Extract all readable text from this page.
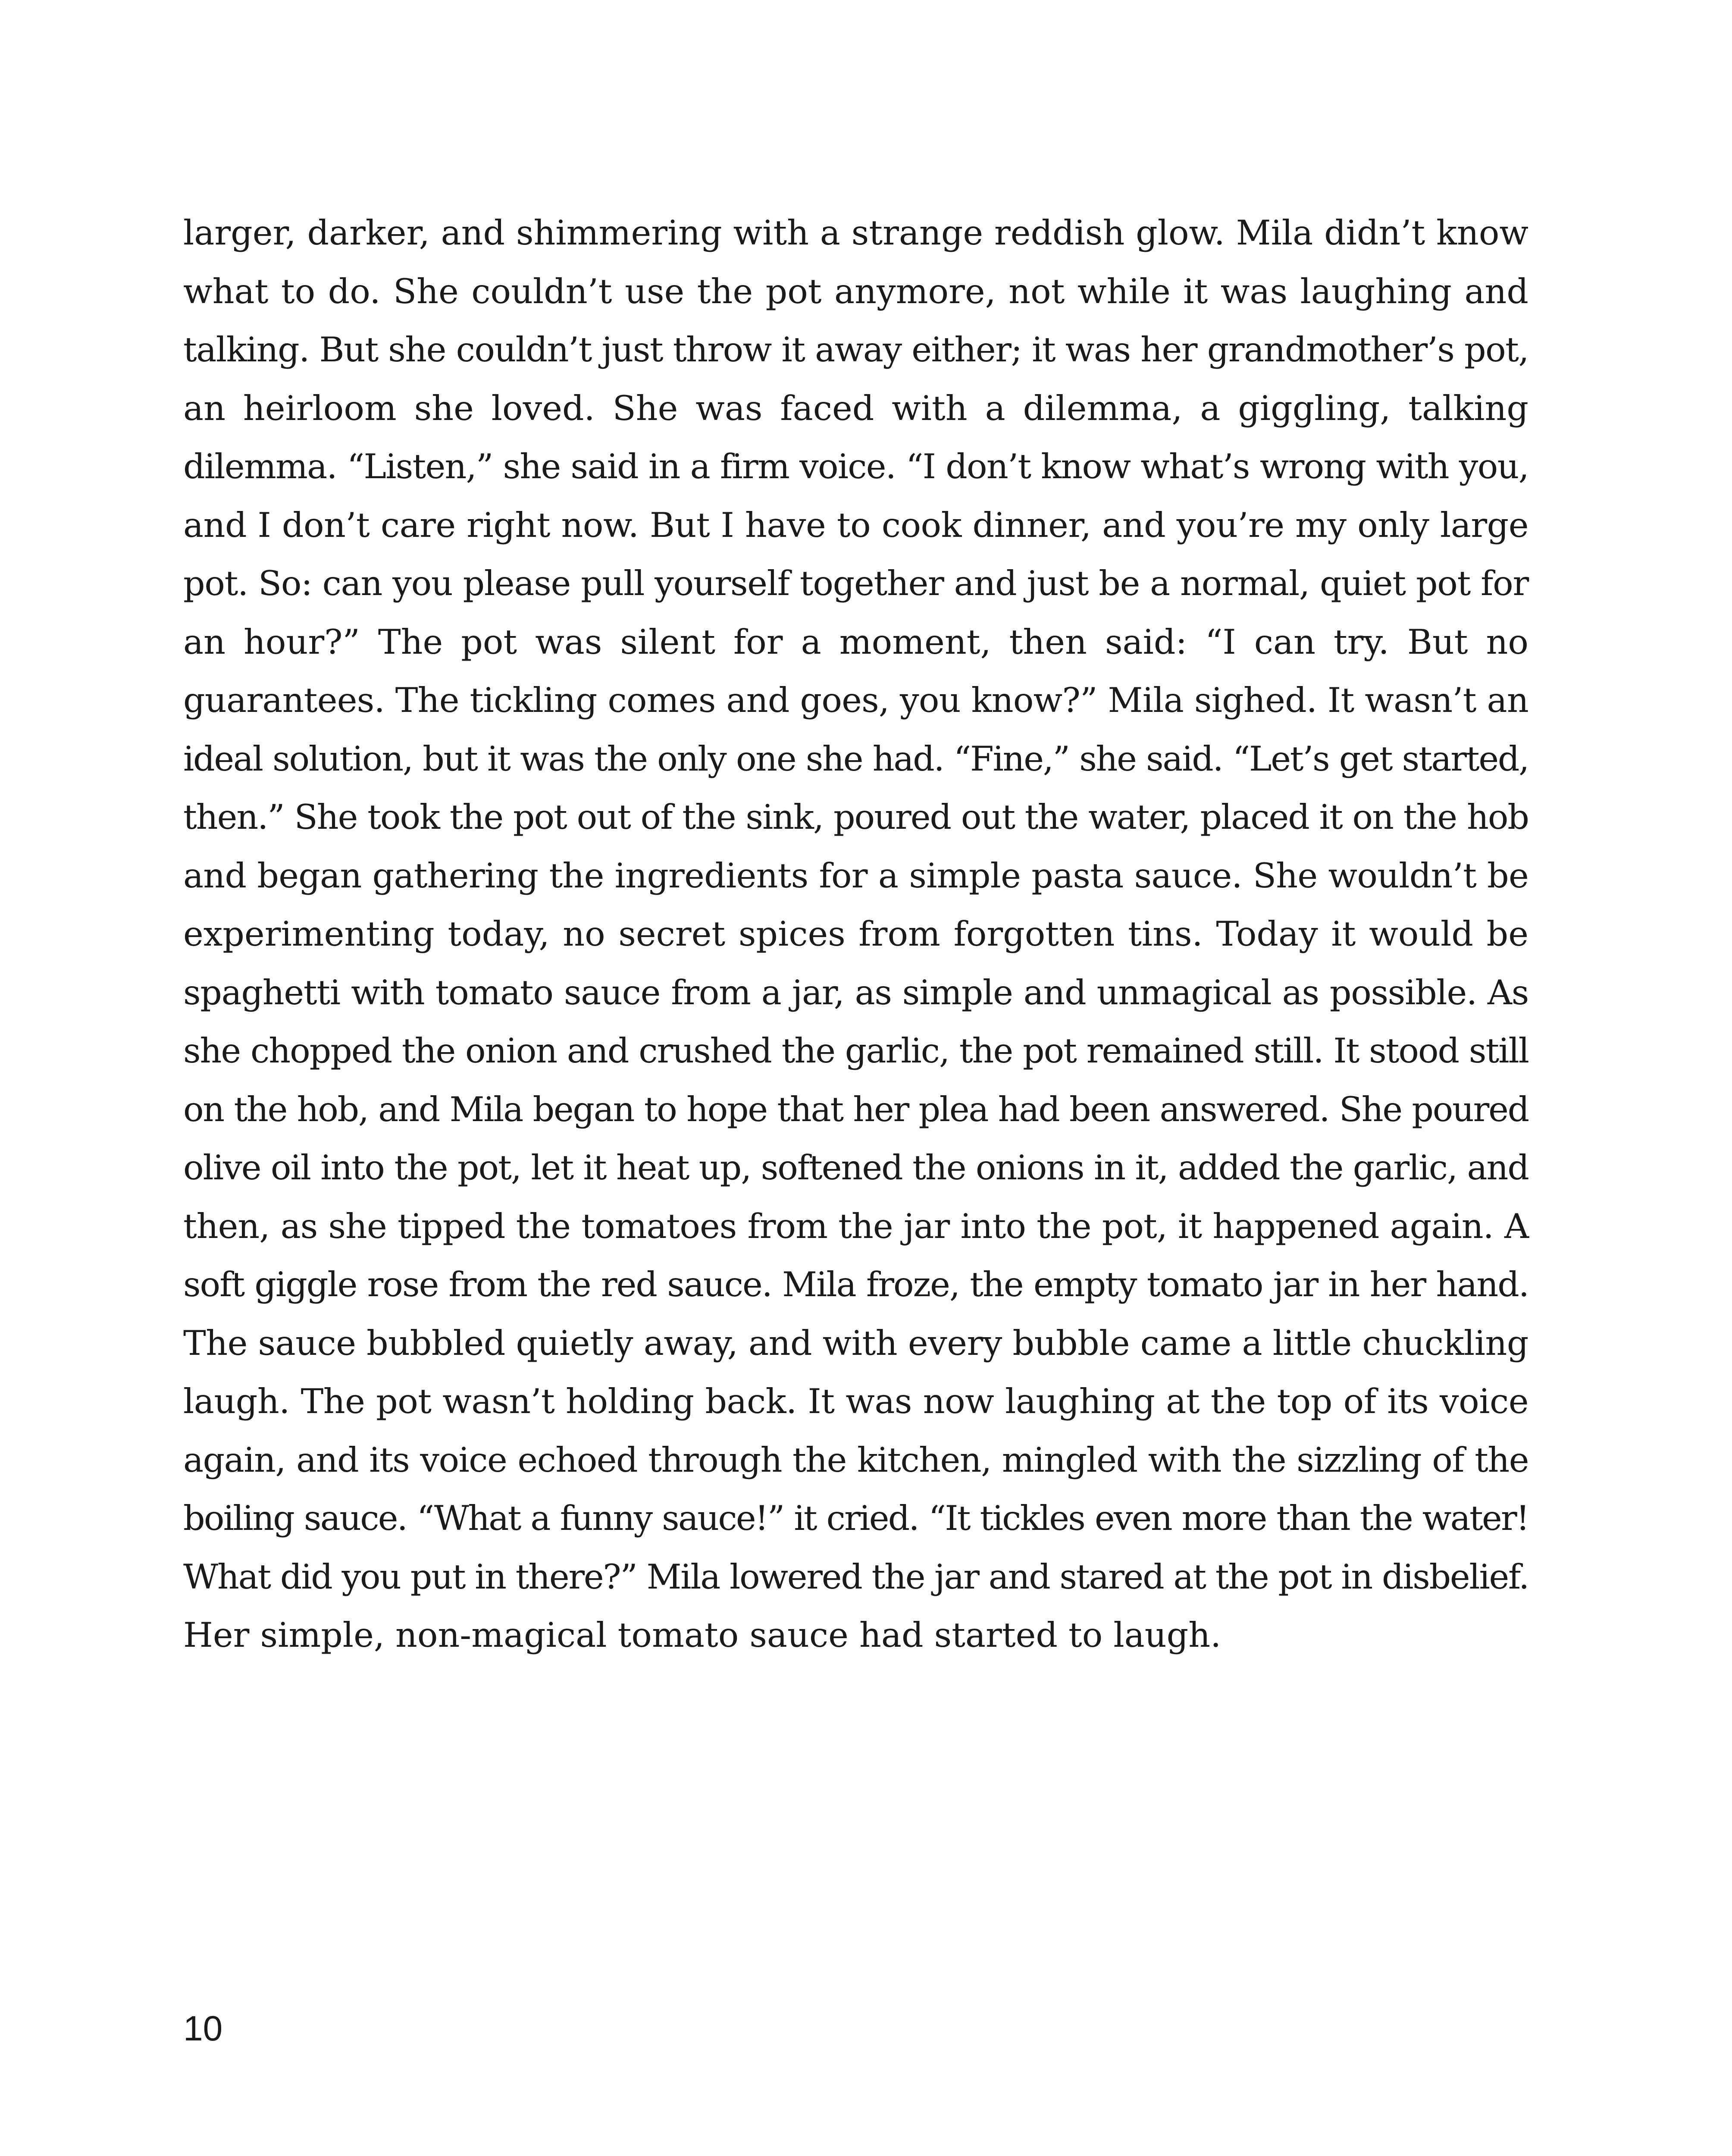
larger, darker, and shimmering with a strange reddish glow. Mila didn’t know
what to do. She couldn’t use the pot anymore, not while it was laughing and
talking. But she couldn’t just throw it away either; it was her grandmother’s pot,
an heirloom she loved. She was faced with a dilemma, a giggling, talking
dilemma. “Listen,” she said in a firm voice. “I don’t know what’s wrong with you,
and I don’t care right now. But I have to cook dinner, and you’re my only large
pot. So: can you please pull yourself together and just be a normal, quiet pot for
an hour?” The pot was silent for a moment, then said: “I can try. But no
guarantees. The tickling comes and goes, you know?” Mila sighed. It wasn’t an
ideal solution, but it was the only one she had. “Fine,” she said. “Let’s get started,
then.” She took the pot out of the sink, poured out the water, placed it on the hob
and began gathering the ingredients for a simple pasta sauce. She wouldn’t be
experimenting today, no secret spices from forgotten tins. Today it would be
spaghetti with tomato sauce from a jar, as simple and unmagical as possible. As
she chopped the onion and crushed the garlic, the pot remained still. It stood still
on the hob, and Mila began to hope that her plea had been answered. She poured
olive oil into the pot, let it heat up, softened the onions in it, added the garlic, and
then, as she tipped the tomatoes from the jar into the pot, it happened again. A
soft giggle rose from the red sauce. Mila froze, the empty tomato jar in her hand.
The sauce bubbled quietly away, and with every bubble came a little chuckling
laugh. The pot wasn’t holding back. It was now laughing at the top of its voice
again, and its voice echoed through the kitchen, mingled with the sizzling of the
boiling sauce. “What a funny sauce!” it cried. “It tickles even more than the water!
What did you put in there?” Mila lowered the jar and stared at the pot in disbelief.
Her simple, non-magical tomato sauce had started to laugh.
10
